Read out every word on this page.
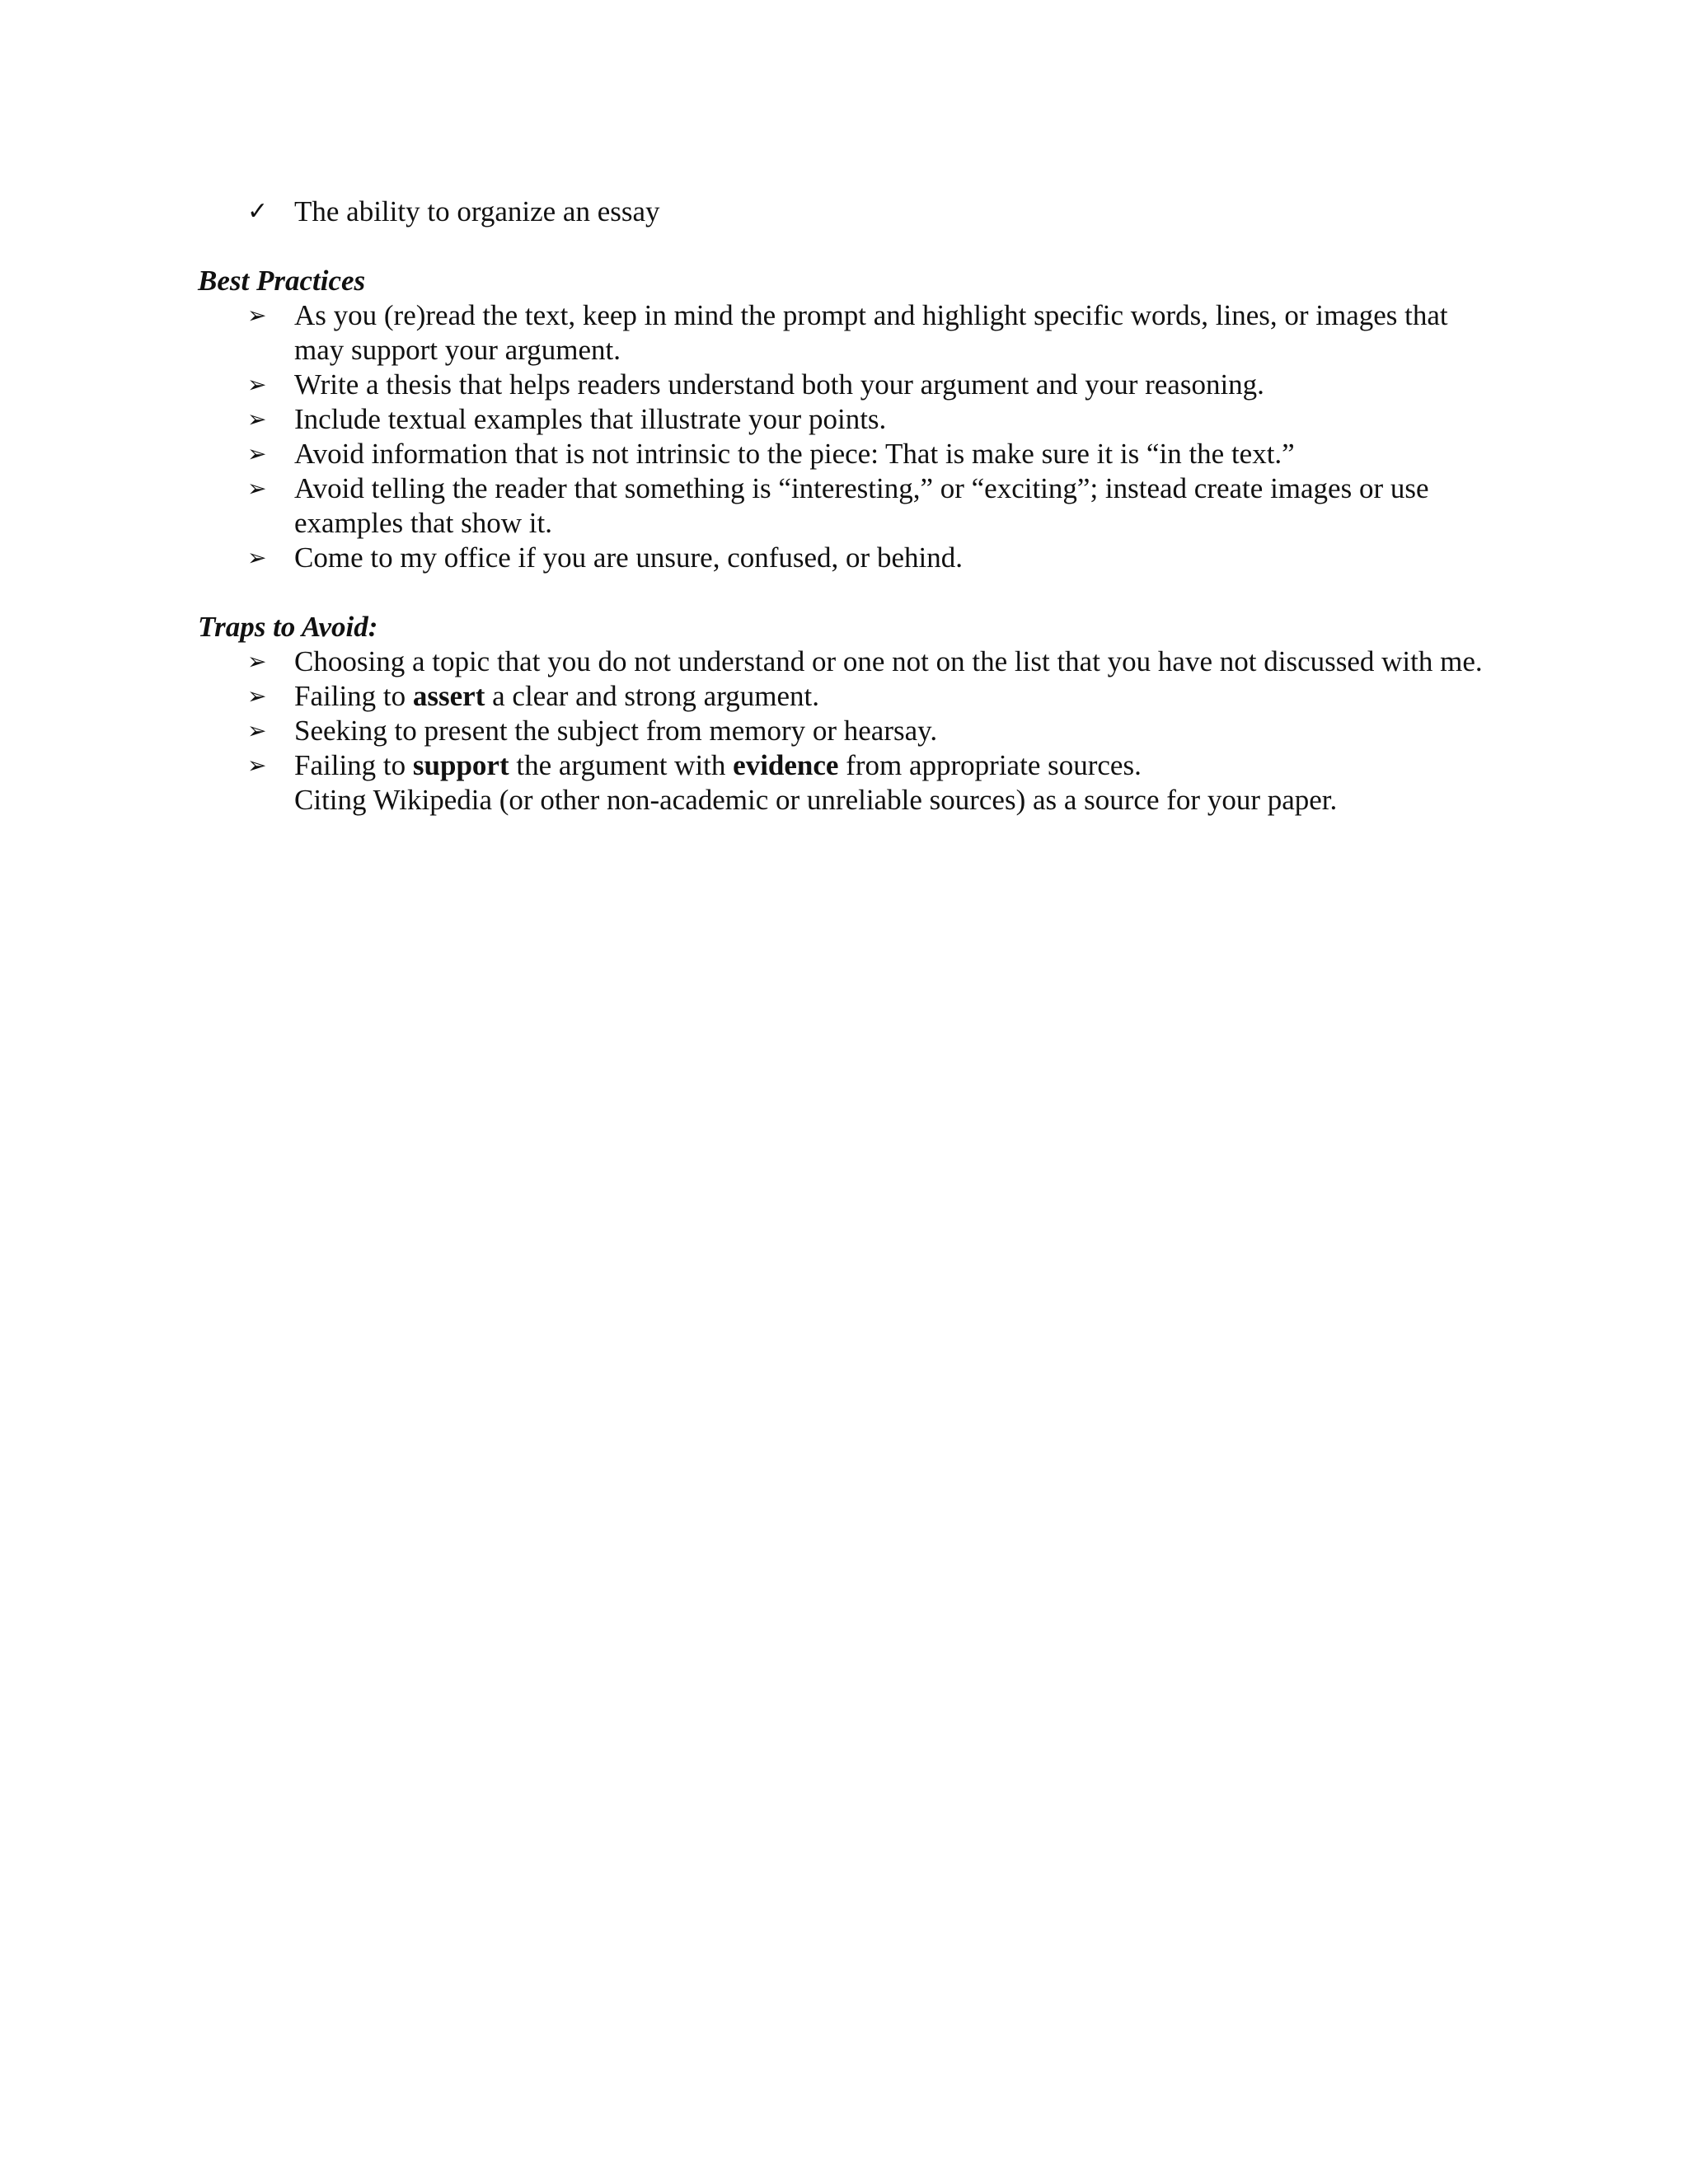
✓ The ability to organize an essay
Best Practices
➢ As you (re)read the text, keep in mind the prompt and highlight specific words, lines, or images that may support your argument.
➢ Write a thesis that helps readers understand both your argument and your reasoning.
➢ Include textual examples that illustrate your points.
➢ Avoid information that is not intrinsic to the piece: That is make sure it is “in the text.”
➢ Avoid telling the reader that something is “interesting,” or “exciting”; instead create images or use examples that show it.
➢ Come to my office if you are unsure, confused, or behind.
Traps to Avoid:
➢ Choosing a topic that you do not understand or one not on the list that you have not discussed with me.
➢ Failing to assert a clear and strong argument.
➢ Seeking to present the subject from memory or hearsay.
➢ Failing to support the argument with evidence from appropriate sources.
Citing Wikipedia (or other non-academic or unreliable sources) as a source for your paper.
